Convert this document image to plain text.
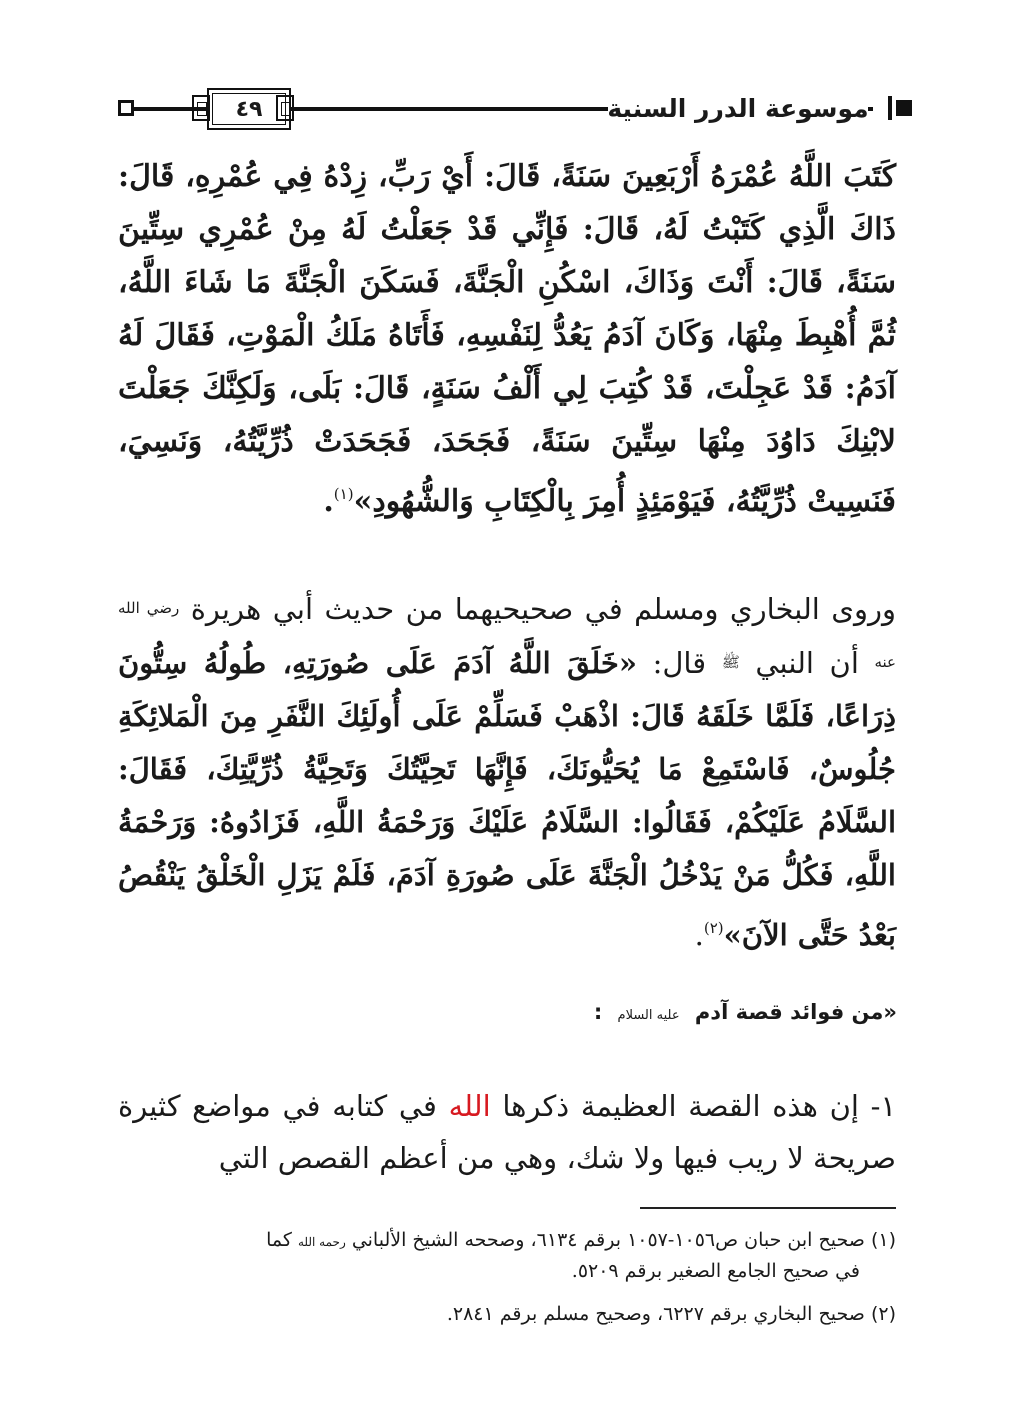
٤٩	موسوعة الدرر السنية
كَتَبَ اللَّهُ عُمْرَهُ أَرْبَعِينَ سَنَةً، قَالَ: أَيْ رَبِّ، زِدْهُ فِي عُمْرِهِ، قَالَ: ذَاكَ الَّذِي كَتَبْتُ لَهُ، قَالَ: فَإِنِّي قَدْ جَعَلْتُ لَهُ مِنْ عُمْرِي سِتِّينَ سَنَةً، قَالَ: أَنْتَ وَذَاكَ، اسْكُنِ الْجَنَّةَ، فَسَكَنَ الْجَنَّةَ مَا شَاءَ اللَّهُ، ثُمَّ أُهْبِطَ مِنْهَا، وَكَانَ آدَمُ يَعُدُّ لِنَفْسِهِ، فَأَتَاهُ مَلَكُ الْمَوْتِ، فَقَالَ لَهُ آدَمُ: قَدْ عَجِلْتَ، قَدْ كُتِبَ لِي أَلْفُ سَنَةٍ، قَالَ: بَلَى، وَلَكِنَّكَ جَعَلْتَ لابْنِكَ دَاوُدَ مِنْهَا سِتِّينَ سَنَةً، فَجَحَدَ، فَجَحَدَتْ ذُرِّيَّتُهُ، وَنَسِيَ، فَنَسِيتْ ذُرِّيَّتُهُ، فَيَوْمَئِذٍ أُمِرَ بِالْكِتَابِ وَالشُّهُودِ»$^{(١)}$.
وروى البخاري ومسلم في صحيحيهما من حديث أبي هريرة $^{رضي الله عنه}$ أن النبي $^ﷺ$ قال: «خَلَقَ اللَّهُ آدَمَ عَلَى صُورَتِهِ، طُولُهُ سِتُّونَ ذِرَاعًا، فَلَمَّا خَلَقَهُ قَالَ: اذْهَبْ فَسَلِّمْ عَلَى أُولَئِكَ النَّفَرِ مِنَ الْمَلائِكَةِ جُلُوسٌ، فَاسْتَمِعْ مَا يُحَيُّونَكَ، فَإِنَّهَا تَحِيَّتُكَ وَتَحِيَّةُ ذُرِّيَّتِكَ، فَقَالَ: السَّلَامُ عَلَيْكُمْ، فَقَالُوا: السَّلَامُ عَلَيْكَ وَرَحْمَةُ اللَّهِ، فَزَادُوهُ: وَرَحْمَةُ اللَّهِ، فَكُلُّ مَنْ يَدْخُلُ الْجَنَّةَ عَلَى صُورَةِ آدَمَ، فَلَمْ يَزَلِ الْخَلْقُ يَنْقُصُ بَعْدُ حَتَّى الآنَ»$^{(٢)}$.
«من فوائد قصة آدم عليه السلام :
١- إن هذه القصة العظيمة ذكرها الله في كتابه في مواضع كثيرة صريحة لا ريب فيها ولا شك، وهي من أعظم القصص التي
(١) صحيح ابن حبان ص١٠٥٦-١٠٥٧ برقم ٦١٣٤، وصححه الشيخ الألباني رحمه الله كما
في صحيح الجامع الصغير برقم ٥٢٠٩.
(٢) صحيح البخاري برقم ٦٢٢٧، وصحيح مسلم برقم ٢٨٤١.
